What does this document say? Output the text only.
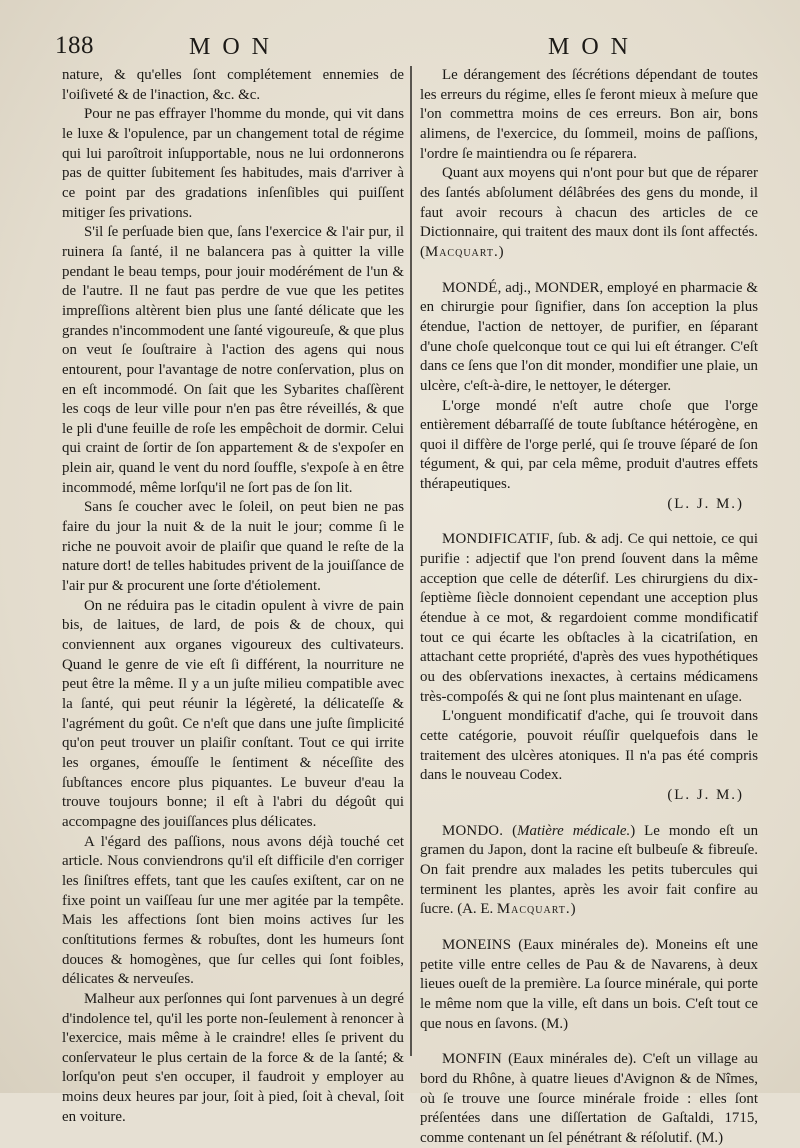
188	MON	MON

nature, & qu'elles ſont complétement ennemies de l'oiſiveté & de l'inaction, &c. &c.

Pour ne pas effrayer l'homme du monde, qui vit dans le luxe & l'opulence, par un changement total de régime qui lui paroîtroit inſupportable, nous ne lui ordonnerons pas de quitter ſubitement ſes habitudes, mais d'arriver à ce point par des gradations inſenſibles qui puiſſent mitiger ſes privations.

S'il ſe perſuade bien que, ſans l'exercice & l'air pur, il ruinera ſa ſanté, il ne balancera pas à quitter la ville pendant le beau temps, pour jouir modérément de l'un & de l'autre. Il ne faut pas perdre de vue que les petites impreſſions altèrent bien plus une ſanté délicate que les grandes n'incommodent une ſanté vigoureuſe, & que plus on veut ſe ſouſtraire à l'action des agens qui nous entourent, pour l'avantage de notre conſervation, plus on en eſt incommodé. On ſait que les Sybarites chaſſèrent les coqs de leur ville pour n'en pas être réveillés, & que le pli d'une feuille de roſe les empêchoit de dormir. Celui qui craint de ſortir de ſon appartement & de s'expoſer en plein air, quand le vent du nord ſouffle, s'expoſe à en être incommodé, même lorſqu'il ne ſort pas de ſon lit.

Sans ſe coucher avec le ſoleil, on peut bien ne pas faire du jour la nuit & de la nuit le jour; comme ſi le riche ne pouvoit avoir de plaiſir que quand le reſte de la nature dort! de telles habitudes privent de la jouiſſance de l'air pur & procurent une ſorte d'étiolement.

On ne réduira pas le citadin opulent à vivre de pain bis, de laitues, de lard, de pois & de choux, qui conviennent aux organes vigoureux des cultivateurs. Quand le genre de vie eſt ſi différent, la nourriture ne peut être la même. Il y a un juſte milieu compatible avec la ſanté, qui peut réunir la légèreté, la délicateſſe & l'agrément du goût. Ce n'eſt que dans une juſte ſimplicité qu'on peut trouver un plaiſir conſtant. Tout ce qui irrite les organes, émouſſe le ſentiment & néceſſite des ſubſtances encore plus piquantes. Le buveur d'eau la trouve toujours bonne; il eſt à l'abri du dégoût qui accompagne des jouiſſances plus délicates.

A l'égard des paſſions, nous avons déjà touché cet article. Nous conviendrons qu'il eſt difficile d'en corriger les ſiniſtres effets, tant que les cauſes exiſtent, car on ne fixe point un vaiſſeau ſur une mer agitée par la tempête. Mais les affections ſont bien moins actives ſur les conſtitutions fermes & robuſtes, dont les humeurs ſont douces & homogènes, que ſur celles qui ſont foibles, délicates & nerveuſes.

Malheur aux perſonnes qui ſont parvenues à un degré d'indolence tel, qu'il les porte non-ſeulement à renoncer à l'exercice, mais même à le craindre! elles ſe privent du conſervateur le plus certain de la force & de la ſanté; & lorſqu'on peut s'en occuper, il faudroit y employer au moins deux heures par jour, ſoit à pied, ſoit à cheval, ſoit en voiture.

Le dérangement des ſécrétions dépendant de toutes les erreurs du régime, elles ſe feront mieux à meſure que l'on commettra moins de ces erreurs. Bon air, bons alimens, de l'exercice, du ſommeil, moins de paſſions, l'ordre ſe maintiendra ou ſe réparera.

Quant aux moyens qui n'ont pour but que de réparer des ſantés abſolument délâbrées des gens du monde, il faut avoir recours à chacun des articles de ce Dictionnaire, qui traitent des maux dont ils ſont affectés. (Macquart.)

MONDÉ, adj., MONDER, employé en pharmacie & en chirurgie pour ſignifier, dans ſon acception la plus étendue, l'action de nettoyer, de purifier, en ſéparant d'une choſe quelconque tout ce qui lui eſt étranger. C'eſt dans ce ſens que l'on dit monder, mondifier une plaie, un ulcère, c'eſt-à-dire, le nettoyer, le déterger.

L'orge mondé n'eſt autre choſe que l'orge entièrement débarraſſé de toute ſubſtance hétérogène, en quoi il diffère de l'orge perlé, qui ſe trouve ſéparé de ſon tégument, & qui, par cela même, produit d'autres effets thérapeutiques.

(L. J. M.)

MONDIFICATIF, ſub. & adj. Ce qui nettoie, ce qui purifie : adjectif que l'on prend ſouvent dans la même acception que celle de déterſif. Les chirurgiens du dix-ſeptième ſiècle donnoient cependant une acception plus étendue à ce mot, & regardoient comme mondificatif tout ce qui écarte les obſtacles à la cicatriſation, en attachant cette propriété, d'après des vues hypothétiques ou des obſervations inexactes, à certains médicamens très-compoſés & qui ne ſont plus maintenant en uſage.

L'onguent mondificatif d'ache, qui ſe trouvoit dans cette catégorie, pouvoit réuſſir quelquefois dans le traitement des ulcères atoniques. Il n'a pas été compris dans le nouveau Codex.

(L. J. M.)

MONDO. (Matière médicale.) Le mondo eſt un gramen du Japon, dont la racine eſt bulbeuſe & fibreuſe. On fait prendre aux malades les petits tubercules qui terminent les plantes, après les avoir fait confire au ſucre. (A. E. Macquart.)

MONEINS (Eaux minérales de). Moneins eſt une petite ville entre celles de Pau & de Navarens, à deux lieues oueſt de la première. La ſource minérale, qui porte le même nom que la ville, eſt dans un bois. C'eſt tout ce que nous en ſavons. (M.)

MONFIN (Eaux minérales de). C'eſt un village au bord du Rhône, à quatre lieues d'Avignon & de Nîmes, où ſe trouve une ſource minérale froide : elles ſont préſentées dans une diſſertation de Gaſtaldi, 1715, comme contenant un ſel pénétrant & réſolutif. (M.)
